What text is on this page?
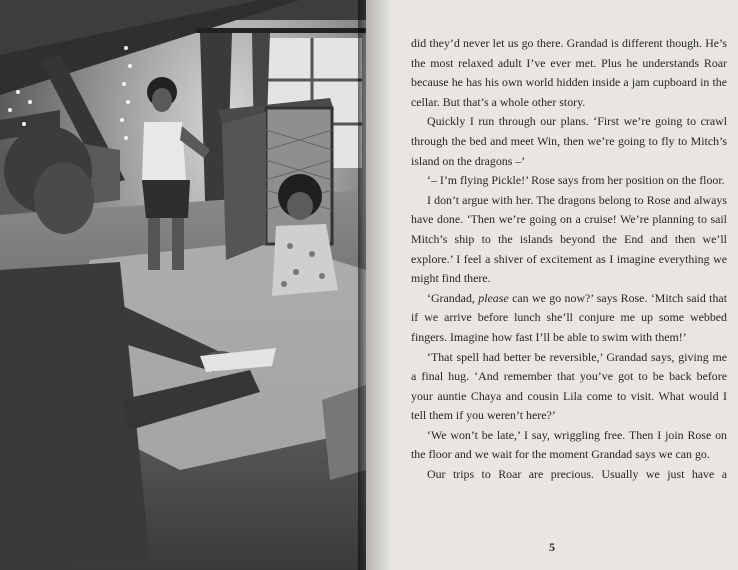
did they’d never let us go there. Grandad is different though. He’s the most relaxed adult I’ve ever met. Plus he understands Roar because he has his own world hidden inside a jam cupboard in the cellar. But that’s a whole other story.

Quickly I run through our plans. ‘First we’re going to crawl through the bed and meet Win, then we’re going to fly to Mitch’s island on the dragons –’

‘– I’m flying Pickle!’ Rose says from her position on the floor.

I don’t argue with her. The dragons belong to Rose and always have done. ‘Then we’re going on a cruise! We’re planning to sail Mitch’s ship to the islands beyond the End and then we’ll explore.’ I feel a shiver of excitement as I imagine everything we might find there.

‘Grandad, please can we go now?’ says Rose. ‘Mitch said that if we arrive before lunch she’ll conjure me up some webbed fingers. Imagine how fast I’ll be able to swim with them!’

‘That spell had better be reversible,’ Grandad says, giving me a final hug. ‘And remember that you’ve got to be back before your auntie Chaya and cousin Lila come to visit. What would I tell them if you weren’t here?’

‘We won’t be late,’ I say, wriggling free. Then I join Rose on the floor and we wait for the moment Grandad says we can go.

Our trips to Roar are precious. Usually we just have a

5
